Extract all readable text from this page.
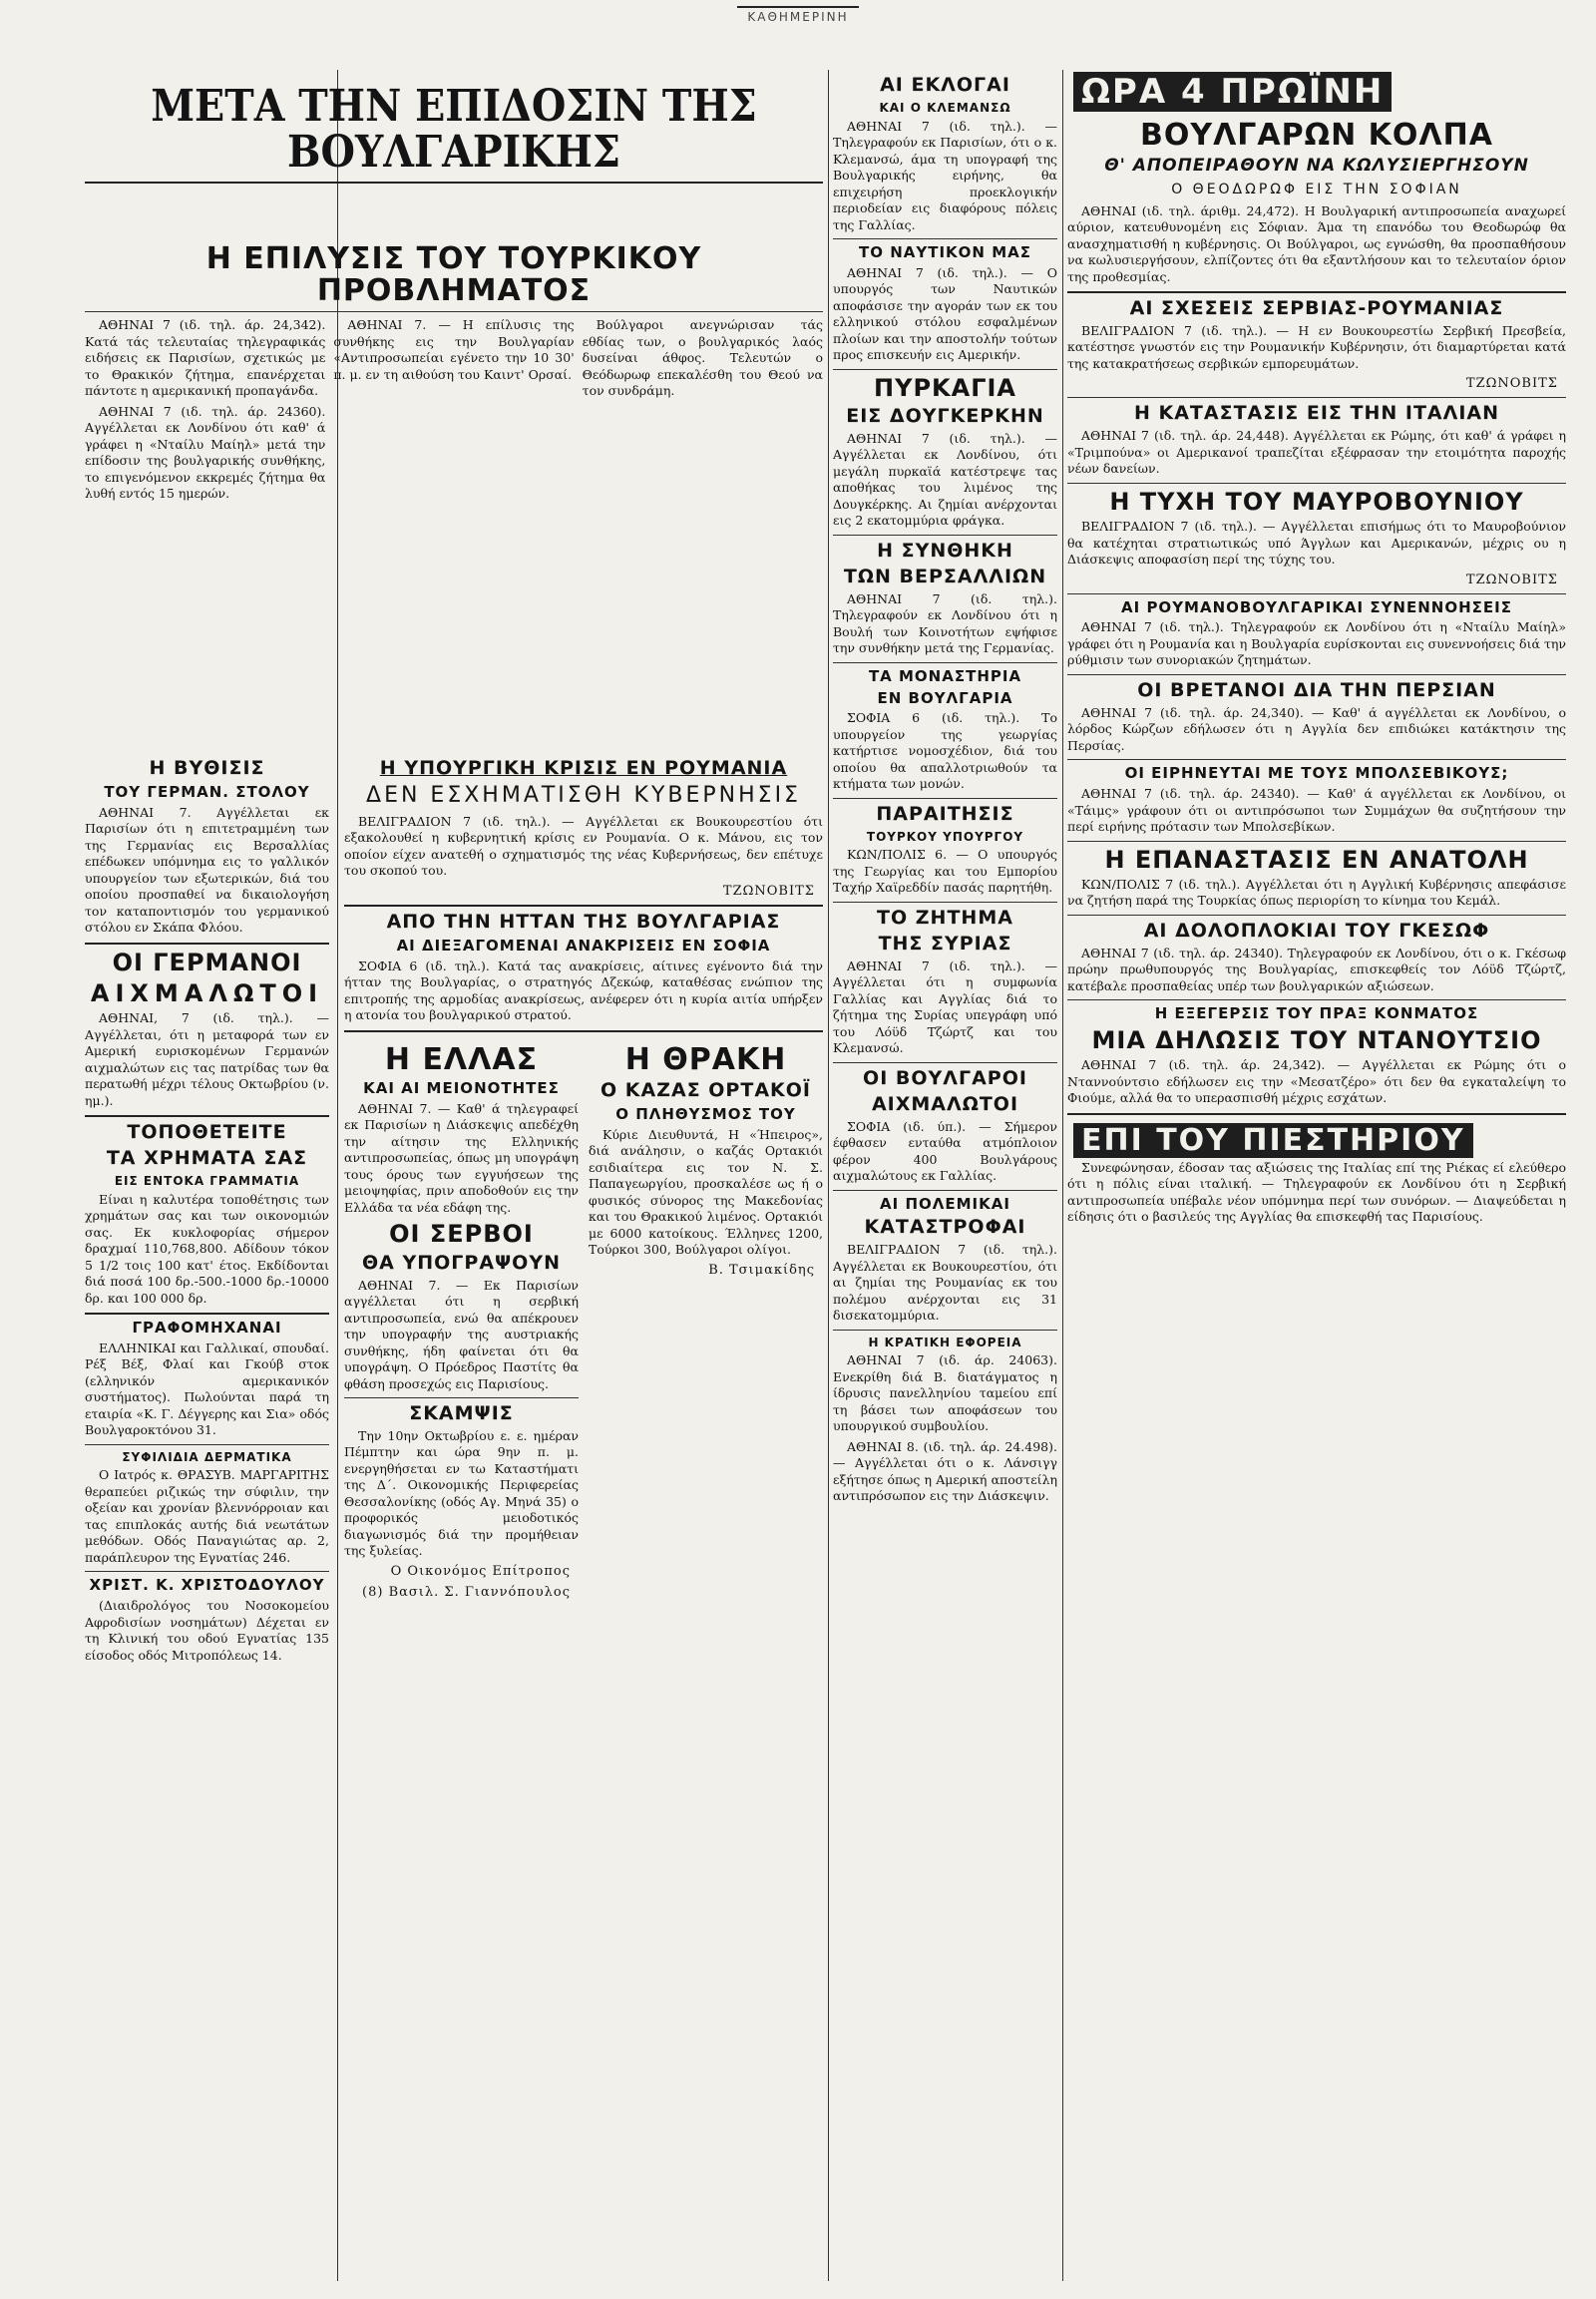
ΚΑΘΗΜΕΡΙΝΗ
ΜΕΤΑ ΤΗΝ ΕΠΙΔΟΣΙΝ ΤΗΣ ΒΟΥΛΓΑΡΙΚΗΣ
Η ΕΠΙΛΥΣΙΣ ΤΟΥ ΤΟΥΡΚΙΚΟΥ ΠΡΟΒΛΗΜΑΤΟΣ

ΑΘΗΝΑΙ 7 (ιδ. τηλ. άρ. 24,342). Κατά τάς τελευταίας τηλεγραφικάς ειδήσεις εκ Παρισίων, σχετικώς με το Θρακικόν ζήτημα, επανέρχεται πάντοτε η αμερικανική προπαγάνδα.

ΑΘΗΝΑΙ 7 (ιδ. τηλ. άρ. 24360). Αγγέλλεται εκ Λονδίνου ότι καθ' ά γράφει η «Νταίλυ Μαίηλ» μετά την επίδοσιν της βουλγαρικής συνθήκης, το επιγενόμενον εκκρεμές ζήτημα θα λυθή εντός 15 ημερών.

ΑΘΗΝΑΙ 7. — Η επίλυσις της συνθήκης εις την Βουλγαρίαν «Αντιπροσωπείαι εγένετο την 10 30' π. μ. εν τη αιθούση του Καιντ' Ορσαί.

Βούλγαροι ανεγνώρισαν τάς εθδίας των, ο βουλγαρικός λαός δυσείναι άθφος. Τελευτών ο Θεόδωρωφ επεκαλέσθη του Θεού να τον συνδράμη.

Η ΒΥΘΙΣΙΣ
ΤΟΥ ΓΕΡΜΑΝ. ΣΤΟΛΟΥ

ΑΘΗΝΑΙ 7. Αγγέλλεται εκ Παρισίων ότι η επιτετραμμένη των της Γερμανίας εις Βερσαλλίας επέδωκεν υπόμνημα εις το γαλλικόν υπουργείον των εξωτερικών, διά του οποίου προσπαθεί να δικαιολογήση τον καταποντισμόν του γερμανικού στόλου εν Σκάπα Φλόου.

ΟΙ ΓΕΡΜΑΝΟΙ
ΑΙΧΜΑΛΩΤΟΙ

ΑΘΗΝΑΙ, 7 (ιδ. τηλ.). — Αγγέλλεται, ότι η μεταφορά των εν Αμερική ευρισκομένων Γερμανών αιχμαλώτων εις τας πατρίδας των θα περατωθή μέχρι τέλους Οκτωβρίου (ν. ημ.).

ΤΟΠΟΘΕΤΕΙΤΕ
ΤΑ ΧΡΗΜΑΤΑ ΣΑΣ
ΕΙΣ ΕΝΤΟΚΑ ΓΡΑΜΜΑΤΙΑ

Είναι η καλυτέρα τοποθέτησις των χρημάτων σας και των οικονομιών σας. Εκ κυκλοφορίας σήμερον δραχμαί 110,768,800. Αδίδουν τόκον 5 1/2 τοις 100 κατ' έτος. Εκδίδονται διά ποσά 100 δρ.-500.-1000 δρ.-10000 δρ. και 100 000 δρ.

ΓΡΑΦΟΜΗΧΑΝΑΙ

ΕΛΛΗΝΙΚΑΙ και Γαλλικαί, σπουδαί. Ρέξ Βέξ, Φλαί και Γκούβ στοκ (ελληνικόν αμερικανικόν συστήματος). Πωλούνται παρά τη εταιρία «Κ. Γ. Δέγγερης και Σια» οδός Βουλγαροκτόνου 31.

ΣΥΦΙΛΙΔΙΑ ΔΕΡΜΑΤΙΚΑ

Ο Ιατρός κ. ΘΡΑΣΥΒ. ΜΑΡΓΑΡΙΤΗΣ θεραπεύει ριζικώς την σύφιλιν, την οξείαν και χρονίαν βλεννόρροιαν και τας επιπλοκάς αυτής διά νεωτάτων μεθόδων. Οδός Παναγιώτας αρ. 2, παράπλευρον της Εγνατίας 246.

ΧΡΙΣΤ. Κ. ΧΡΙΣΤΟΔΟΥΛΟΥ

(Διαιδρολόγος του Νοσοκομείου Αφροδισίων νοσημάτων) Δέχεται εν τη Κλινική του οδού Εγνατίας 135 είσοδος οδός Μιτροπόλεως 14.

Η ΥΠΟΥΡΓΙΚΗ ΚΡΙΣΙΣ ΕΝ ΡΟΥΜΑΝΙΑ
ΔΕΝ ΕΣΧΗΜΑΤΙΣΘΗ ΚΥΒΕΡΝΗΣΙΣ

ΒΕΛΙΓΡΑΔΙΟΝ 7 (ιδ. τηλ.). — Αγγέλλεται εκ Βουκουρεστίου ότι εξακολουθεί η κυβερνητική κρίσις εν Ρουμανία. Ο κ. Μάνου, εις τον οποίον είχεν ανατεθή ο σχηματισμός της νέας Κυβερνήσεως, δεν επέτυχε του σκοπού του.

ΤΖΩΝΟΒΙΤΣ
ΑΠΟ ΤΗΝ ΗΤΤΑΝ ΤΗΣ ΒΟΥΛΓΑΡΙΑΣ
ΑΙ ΔΙΕΞΑΓΟΜΕΝΑΙ ΑΝΑΚΡΙΣΕΙΣ ΕΝ ΣΟΦΙΑ

ΣΟΦΙΑ 6 (ιδ. τηλ.). Κατά τας ανακρίσεις, αίτινες εγένοντο διά την ήτταν της Βουλγαρίας, ο στρατηγός Δζεκώφ, καταθέσας ενώπιον της επιτροπής της αρμοδίας ανακρίσεως, ανέφερεν ότι η κυρία αιτία υπήρξεν η ατονία του βουλγαρικού στρατού.

Η ΕΛΛΑΣ
ΚΑΙ ΑΙ ΜΕΙΟΝΟΤΗΤΕΣ

ΑΘΗΝΑΙ 7. — Καθ' ά τηλεγραφεί εκ Παρισίων η Διάσκεψις απεδέχθη την αίτησιν της Ελληνικής αντιπροσωπείας, όπως μη υπογράψη τους όρους των εγγυήσεων της μειοψηφίας, πριν αποδοθούν εις την Ελλάδα τα νέα εδάφη της.

ΟΙ ΣΕΡΒΟΙ
ΘΑ ΥΠΟΓΡΑΨΟΥΝ

ΑΘΗΝΑΙ 7. — Εκ Παρισίων αγγέλλεται ότι η σερβική αντιπροσωπεία, ενώ θα απέκρουεν την υπογραφήν της αυστριακής συνθήκης, ήδη φαίνεται ότι θα υπογράψη. Ο Πρόεδρος Παστίτς θα φθάση προσεχώς εις Παρισίους.

ΣΚΑΜΨΙΣ

Την 10ην Οκτωβρίου ε. ε. ημέραν Πέμπτην και ώρα 9ην π. μ. ενεργηθήσεται εν τω Καταστήματι της Δ΄. Οικονομικής Περιφερείας Θεσσαλονίκης (οδός Αγ. Μηνά 35) ο προφορικός μειοδοτικός διαγωνισμός διά την προμήθειαν της ξυλείας.

Ο Οικονόμος Επίτροπος
(8) Βασιλ. Σ. Γιαννόπουλος
Η ΘΡΑΚΗ
Ο ΚΑΖΑΣ ΟΡΤΑΚΟΪ
Ο ΠΛΗΘΥΣΜΟΣ ΤΟΥ

Κύριε Διευθυντά, Η «Ήπειρος», διά ανάλησιν, ο καζάς Ορτακιόι εσιδιαίτερα εις τον Ν. Σ. Παπαγεωργίου, προσκαλέσε ως ή ο φυσικός σύνορος της Μακεδονίας και του Θρακικού λιμένος. Ορτακιόι με 6000 κατοίκους. Έλληνες 1200, Τούρκοι 300, Βούλγαροι ολίγοι.

Β. Τσιμακίδης
ΑΙ ΕΚΛΟΓΑΙ
ΚΑΙ Ο ΚΛΕΜΑΝΣΩ

ΑΘΗΝΑΙ 7 (ιδ. τηλ.). — Τηλεγραφούν εκ Παρισίων, ότι ο κ. Κλεμανσώ, άμα τη υπογραφή της Βουλγαρικής ειρήνης, θα επιχειρήση προεκλογικήν περιοδείαν εις διαφόρους πόλεις της Γαλλίας.

ΤΟ ΝΑΥΤΙΚΟΝ ΜΑΣ

ΑΘΗΝΑΙ 7 (ιδ. τηλ.). — Ο υπουργός των Ναυτικών αποφάσισε την αγοράν των εκ του ελληνικού στόλου εσφαλμένων πλοίων και την αποστολήν τούτων προς επισκευήν εις Αμερικήν.

ΠΥΡΚΑΓΙΑ
ΕΙΣ ΔΟΥΓΚΕΡΚΗΝ

ΑΘΗΝΑΙ 7 (ιδ. τηλ.). — Αγγέλλεται εκ Λονδίνου, ότι μεγάλη πυρκαϊά κατέστρεψε τας αποθήκας του λιμένος της Δουγκέρκης. Αι ζημίαι ανέρχονται εις 2 εκατομμύρια φράγκα.

Η ΣΥΝΘΗΚΗ
ΤΩΝ ΒΕΡΣΑΛΛΙΩΝ

ΑΘΗΝΑΙ 7 (ιδ. τηλ.). Τηλεγραφούν εκ Λονδίνου ότι η Βουλή των Κοινοτήτων εψήφισε την συνθήκην μετά της Γερμανίας.

ΤΑ ΜΟΝΑΣΤΗΡΙΑ
ΕΝ ΒΟΥΛΓΑΡΙΑ

ΣΟΦΙΑ 6 (ιδ. τηλ.). Το υπουργείον της γεωργίας κατήρτισε νομοσχέδιον, διά του οποίου θα απαλλοτριωθούν τα κτήματα των μονών.

ΠΑΡΑΙΤΗΣΙΣ
ΤΟΥΡΚΟΥ ΥΠΟΥΡΓΟΥ

ΚΩΝ/ΠΟΛΙΣ 6. — Ο υπουργός της Γεωργίας και του Εμπορίου Ταχήρ Χαϊρεδδίν πασάς παρητήθη.

ΤΟ ΖΗΤΗΜΑ
ΤΗΣ ΣΥΡΙΑΣ

ΑΘΗΝΑΙ 7 (ιδ. τηλ.). — Αγγέλλεται ότι η συμφωνία Γαλλίας και Αγγλίας διά το ζήτημα της Συρίας υπεγράφη υπό του Λόϋδ Τζώρτζ και του Κλεμανσώ.

ΟΙ ΒΟΥΛΓΑΡΟΙ
ΑΙΧΜΑΛΩΤΟΙ

ΣΟΦΙΑ (ιδ. ύπ.). — Σήμερον έφθασεν ενταύθα ατμόπλοιον φέρον 400 Βουλγάρους αιχμαλώτους εκ Γαλλίας.

ΑΙ ΠΟΛΕΜΙΚΑΙ
ΚΑΤΑΣΤΡΟΦΑΙ

ΒΕΛΙΓΡΑΔΙΟΝ 7 (ιδ. τηλ.). Αγγέλλεται εκ Βουκουρεστίου, ότι αι ζημίαι της Ρουμανίας εκ του πολέμου ανέρχονται εις 31 δισεκατομμύρια.

Η ΚΡΑΤΙΚΗ ΕΦΟΡΕΙΑ

ΑΘΗΝΑΙ 7 (ιδ. άρ. 24063). Ενεκρίθη διά Β. διατάγματος η ίδρυσις πανελληνίου ταμείου επί τη βάσει των αποφάσεων του υπουργικού συμβουλίου.

ΑΘΗΝΑΙ 8. (ιδ. τηλ. άρ. 24.498). — Αγγέλλεται ότι ο κ. Λάνσιγγ εξήτησε όπως η Αμερική αποστείλη αντιπρόσωπον εις την Διάσκεψιν.

ΩΡΑ 4 ΠΡΩΪΝΗ
ΒΟΥΛΓΑΡΩΝ ΚΟΛΠΑ
Θ' ΑΠΟΠΕΙΡΑΘΟΥΝ ΝΑ ΚΩΛΥΣΙΕΡΓΗΣΟΥΝ
Ο ΘΕΟΔΩΡΩΦ ΕΙΣ ΤΗΝ ΣΟΦΙΑΝ

ΑΘΗΝΑΙ (ιδ. τηλ. άριθμ. 24,472). Η Βουλγαρική αντιπροσωπεία αναχωρεί αύριον, κατευθυνομένη εις Σόφιαν. Άμα τη επανόδω του Θεοδωρώφ θα ανασχηματισθή η κυβέρνησις. Οι Βούλγαροι, ως εγνώσθη, θα προσπαθήσουν να κωλυσιεργήσουν, ελπίζοντες ότι θα εξαντλήσουν και το τελευταίον όριον της προθεσμίας.

ΑΙ ΣΧΕΣΕΙΣ ΣΕΡΒΙΑΣ-ΡΟΥΜΑΝΙΑΣ

ΒΕΛΙΓΡΑΔΙΟΝ 7 (ιδ. τηλ.). — Η εν Βουκουρεστίω Σερβική Πρεσβεία, κατέστησε γνωστόν εις την Ρουμανικήν Κυβέρνησιν, ότι διαμαρτύρεται κατά της κατακρατήσεως σερβικών εμπορευμάτων.

ΤΖΩΝΟΒΙΤΣ
Η ΚΑΤΑΣΤΑΣΙΣ ΕΙΣ ΤΗΝ ΙΤΑΛΙΑΝ

ΑΘΗΝΑΙ 7 (ιδ. τηλ. άρ. 24,448). Αγγέλλεται εκ Ρώμης, ότι καθ' ά γράφει η «Τριμπούνα» οι Αμερικανοί τραπεζίται εξέφρασαν την ετοιμότητα παροχής νέων δανείων.

Η ΤΥΧΗ ΤΟΥ ΜΑΥΡΟΒΟΥΝΙΟΥ

ΒΕΛΙΓΡΑΔΙΟΝ 7 (ιδ. τηλ.). — Αγγέλλεται επισήμως ότι το Μαυροβούνιον θα κατέχηται στρατιωτικώς υπό Άγγλων και Αμερικανών, μέχρις ου η Διάσκεψις αποφασίση περί της τύχης του.

ΤΖΩΝΟΒΙΤΣ
ΑΙ ΡΟΥΜΑΝΟΒΟΥΛΓΑΡΙΚΑΙ ΣΥΝΕΝΝΟΗΣΕΙΣ

ΑΘΗΝΑΙ 7 (ιδ. τηλ.). Τηλεγραφούν εκ Λονδίνου ότι η «Νταίλυ Μαίηλ» γράφει ότι η Ρουμανία και η Βουλγαρία ευρίσκονται εις συνεννοήσεις διά την ρύθμισιν των συνοριακών ζητημάτων.

ΟΙ ΒΡΕΤΑΝΟΙ ΔΙΑ ΤΗΝ ΠΕΡΣΙΑΝ

ΑΘΗΝΑΙ 7 (ιδ. τηλ. άρ. 24,340). — Καθ' ά αγγέλλεται εκ Λονδίνου, ο λόρδος Κώρζων εδήλωσεν ότι η Αγγλία δεν επιδιώκει κατάκτησιν της Περσίας.

ΟΙ ΕΙΡΗΝΕΥΤΑΙ ΜΕ ΤΟΥΣ ΜΠΟΛΣΕΒΙΚΟΥΣ;

ΑΘΗΝΑΙ 7 (ιδ. τηλ. άρ. 24340). — Καθ' ά αγγέλλεται εκ Λονδίνου, οι «Τάιμς» γράφουν ότι οι αντιπρόσωποι των Συμμάχων θα συζητήσουν την περί ειρήνης πρότασιν των Μπολσεβίκων.

Η ΕΠΑΝΑΣΤΑΣΙΣ ΕΝ ΑΝΑΤΟΛΗ

ΚΩΝ/ΠΟΛΙΣ 7 (ιδ. τηλ.). Αγγέλλεται ότι η Αγγλική Κυβέρνησις απεφάσισε να ζητήση παρά της Τουρκίας όπως περιορίση το κίνημα του Κεμάλ.

ΑΙ ΔΟΛΟΠΛΟΚΙΑΙ ΤΟΥ ΓΚΕΣΩΦ

ΑΘΗΝΑΙ 7 (ιδ. τηλ. άρ. 24340). Τηλεγραφούν εκ Λονδίνου, ότι ο κ. Γκέσωφ πρώην πρωθυπουργός της Βουλγαρίας, επισκεφθείς τον Λόϋδ Τζώρτζ, κατέβαλε προσπαθείας υπέρ των βουλγαρικών αξιώσεων.

Η ΕΞΕΓΕΡΣΙΣ ΤΟΥ ΠΡΑΞ ΚΟΝΜΑΤΟΣ
ΜΙΑ ΔΗΛΩΣΙΣ ΤΟΥ ΝΤΑΝΟΥΤΣΙΟ

ΑΘΗΝΑΙ 7 (ιδ. τηλ. άρ. 24,342). — Αγγέλλεται εκ Ρώμης ότι ο Νταννούντσιο εδήλωσεν εις την «Μεσατζέρο» ότι δεν θα εγκαταλείψη το Φιούμε, αλλά θα το υπερασπισθή μέχρις εσχάτων.

ΕΠΙ ΤΟΥ ΠΙΕΣΤΗΡΙΟΥ

Συνεφώνησαν, έδοσαν τας αξιώσεις της Ιταλίας επί της Ριέκας εί ελεύθερο ότι η πόλις είναι ιταλική. — Τηλεγραφούν εκ Λονδίνου ότι η Σερβική αντιπροσωπεία υπέβαλε νέον υπόμνημα περί των συνόρων. — Διαψεύδεται η είδησις ότι ο βασιλεύς της Αγγλίας θα επισκεφθή τας Παρισίους.
